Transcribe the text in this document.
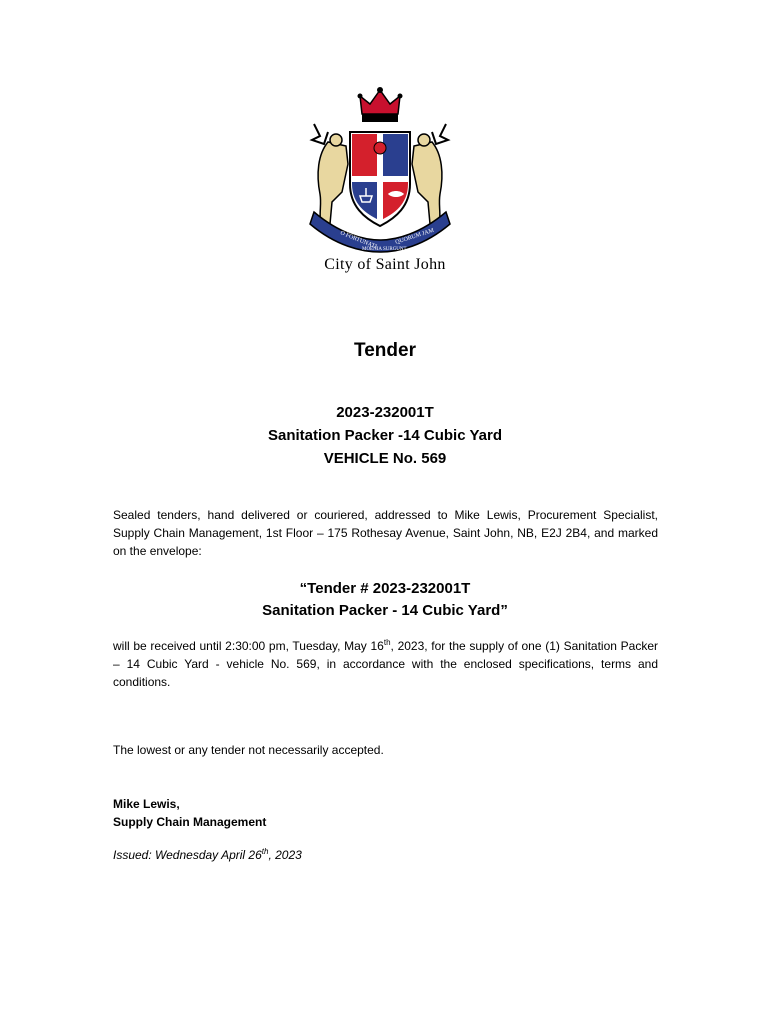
O FORTUNATI	QUORUM JAM
MOENIA SURGUNT
City of Saint John
Tender
2023-232001T
Sanitation Packer -14 Cubic Yard
VEHICLE No. 569
Sealed tenders, hand delivered or couriered, addressed to Mike Lewis, Procurement Specialist, Supply Chain Management, 1st Floor – 175 Rothesay Avenue, Saint John, NB, E2J 2B4, and marked on the envelope:
“Tender # 2023-232001T
Sanitation Packer - 14 Cubic Yard”
will be received until 2:30:00 pm, Tuesday, May 16th, 2023, for the supply of one (1) Sanitation Packer – 14 Cubic Yard - vehicle No. 569, in accordance with the enclosed specifications, terms and conditions.
The lowest or any tender not necessarily accepted.
Mike Lewis,
Supply Chain Management
Issued: Wednesday April 26th, 2023
